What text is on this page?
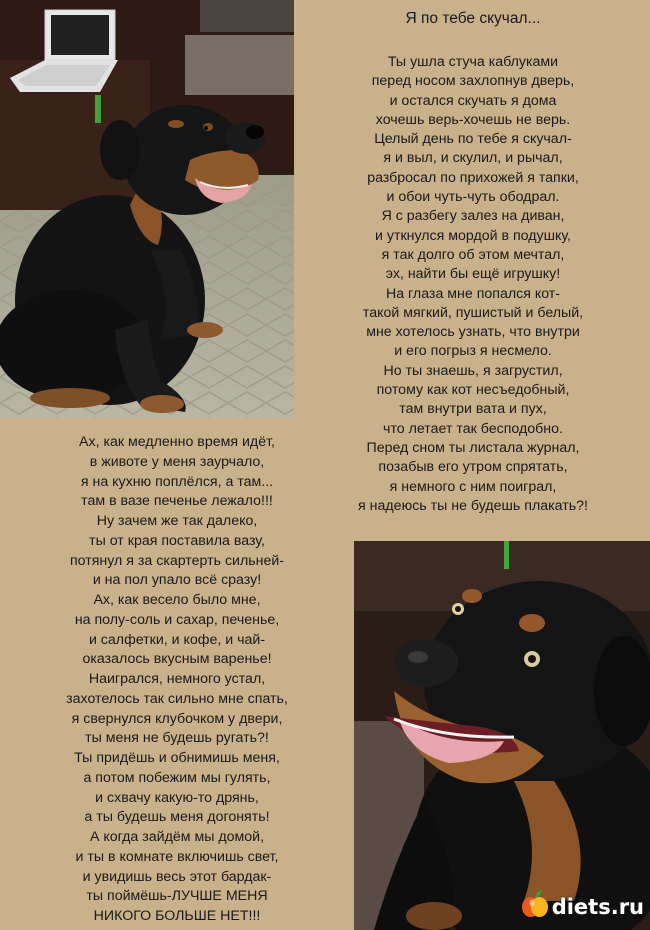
Я по тебе скучал...
Ты ушла стуча каблуками
перед носом захлопнув дверь,
и остался скучать я дома
хочешь верь-хочешь не верь.
Целый день по тебе я скучал-
я и выл, и скулил, и рычал,
разбросал по прихожей я тапки,
и обои чуть-чуть ободрал.
Я с разбегу залез на диван,
и уткнулся мордой в подушку,
я так долго об этом мечтал,
эх, найти бы ещё игрушку!
На глаза мне попался кот-
такой мягкий, пушистый и белый,
мне хотелось узнать, что внутри
и его погрыз я несмело.
Но ты знаешь, я загрустил,
потому как кот несъедобный,
там внутри вата и пух,
что летает так бесподобно.
Перед сном ты листала журнал,
позабыв его утром спрятать,
я немного с ним поиграл,
я надеюсь ты не будешь плакать?!
Ах, как медленно время идёт,
в животе у меня заурчало,
я на кухню поплёлся, а там...
там в вазе печенье лежало!!!
Ну зачем же так далеко,
ты от края поставила вазу,
потянул я за скартерть сильней-
и на пол упало всё сразу!
Ах, как весело было мне,
на полу-соль и сахар, печенье,
и салфетки, и кофе, и чай-
оказалось вкусным варенье!
Наигрался, немного устал,
захотелось так сильно мне спать,
я свернулся клубочком у двери,
ты меня не будешь ругать?!
Ты придёшь и обнимишь меня,
а потом побежим мы гулять,
и схвачу какую-то дрянь,
а ты будешь меня догонять!
А когда зайдём мы домой,
и ты в комнате включишь свет,
и увидишь весь этот бардак-
ты поймёшь-ЛУЧШЕ МЕНЯ
НИКОГО БОЛЬШЕ НЕТ!!!	diets.ru
